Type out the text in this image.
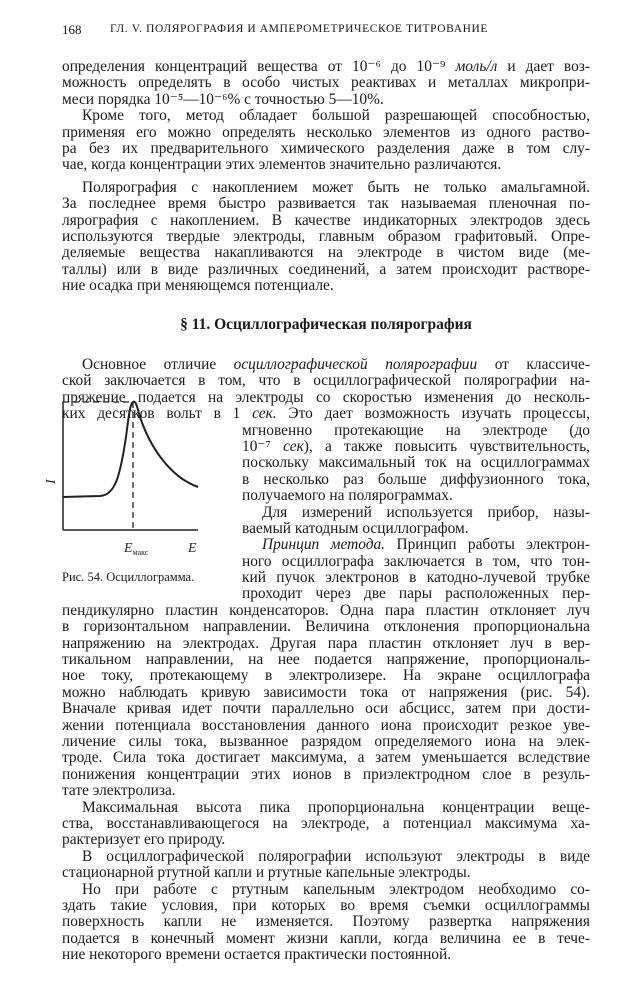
168 ГЛ. V. ПОЛЯРОГРАФИЯ И АМПЕРОМЕТРИЧЕСКОЕ ТИТРОВАНИЕ
определения концентраций вещества от 10⁻⁶ до 10⁻⁹ моль/л и дает воз-
можность определять в особо чистых реактивах и металлах микропри-
меси порядка 10⁻⁵—10⁻⁶% с точностью 5—10%.
Кроме того, метод обладает большой разрешающей способностью,
применяя его можно определять несколько элементов из одного раство-
ра без их предварительного химического разделения даже в том слу-
чае, когда концентрации этих элементов значительно различаются.
Полярография с накоплением может быть не только амальгамной.
За последнее время быстро развивается так называемая пленочная по-
лярография с накоплением. В качестве индикаторных электродов здесь
используются твердые электроды, главным образом графитовый. Опре-
деляемые вещества накапливаются на электроде в чистом виде (ме-
таллы) или в виде различных соединений, а затем происходит растворе-
ние осадка при меняющемся потенциале.
§ 11. Осциллографическая полярография
Основное отличие осциллографической полярографии от классиче-
ской заключается в том, что в осциллографической полярографии на-
пряжение подается на электроды со скоростью изменения до несколь-
ких десятков вольт в 1 сек. Это дает возможность изучать процессы,
мгновенно протекающие на электроде (до
10⁻⁷ сек), а также повысить чувствительность,
поскольку максимальный ток на осциллограммах
в несколько раз больше диффузионного тока,
получаемого на полярограммах.
Для измерений используется прибор, назы-
ваемый катодным осциллографом.
Принцип метода. Принцип работы электрон-
ного осциллографа заключается в том, что тон-
кий пучок электронов в катодно-лучевой трубке
проходит через две пары расположенных пер-
пендикулярно пластин конденсаторов. Одна пара пластин отклоняет луч
в горизонтальном направлении. Величина отклонения пропорциональна
напряжению на электродах. Другая пара пластин отклоняет луч в вер-
тикальном направлении, на нее подается напряжение, пропорциональ-
ное току, протекающему в электролизере. На экране осциллографа
можно наблюдать кривую зависимости тока от напряжения (рис. 54).
Вначале кривая идет почти параллельно оси абсцисс, затем при дости-
жении потенциала восстановления данного иона происходит резкое уве-
личение силы тока, вызванное разрядом определяемого иона на элек-
троде. Сила тока достигает максимума, а затем уменьшается вследствие
понижения концентрации этих ионов в приэлектродном слое в резуль-
тате электролиза.
Максимальная высота пика пропорциональна концентрации веще-
ства, восстанавливающегося на электроде, а потенциал максимума ха-
рактеризует его природу.
В осциллографической полярографии используют электроды в виде
стационарной ртутной капли и ртутные капельные электроды.
Но при работе с ртутным капельным электродом необходимо со-
здать такие условия, при которых во время съемки осциллограммы
поверхность капли не изменяется. Поэтому развертка напряжения
подается в конечный момент жизни капли, когда величина ее в тече-
ние некоторого времени остается практически постоянной.
I
$E_{макс}$	E
Рис. 54. Осциллограмма.
